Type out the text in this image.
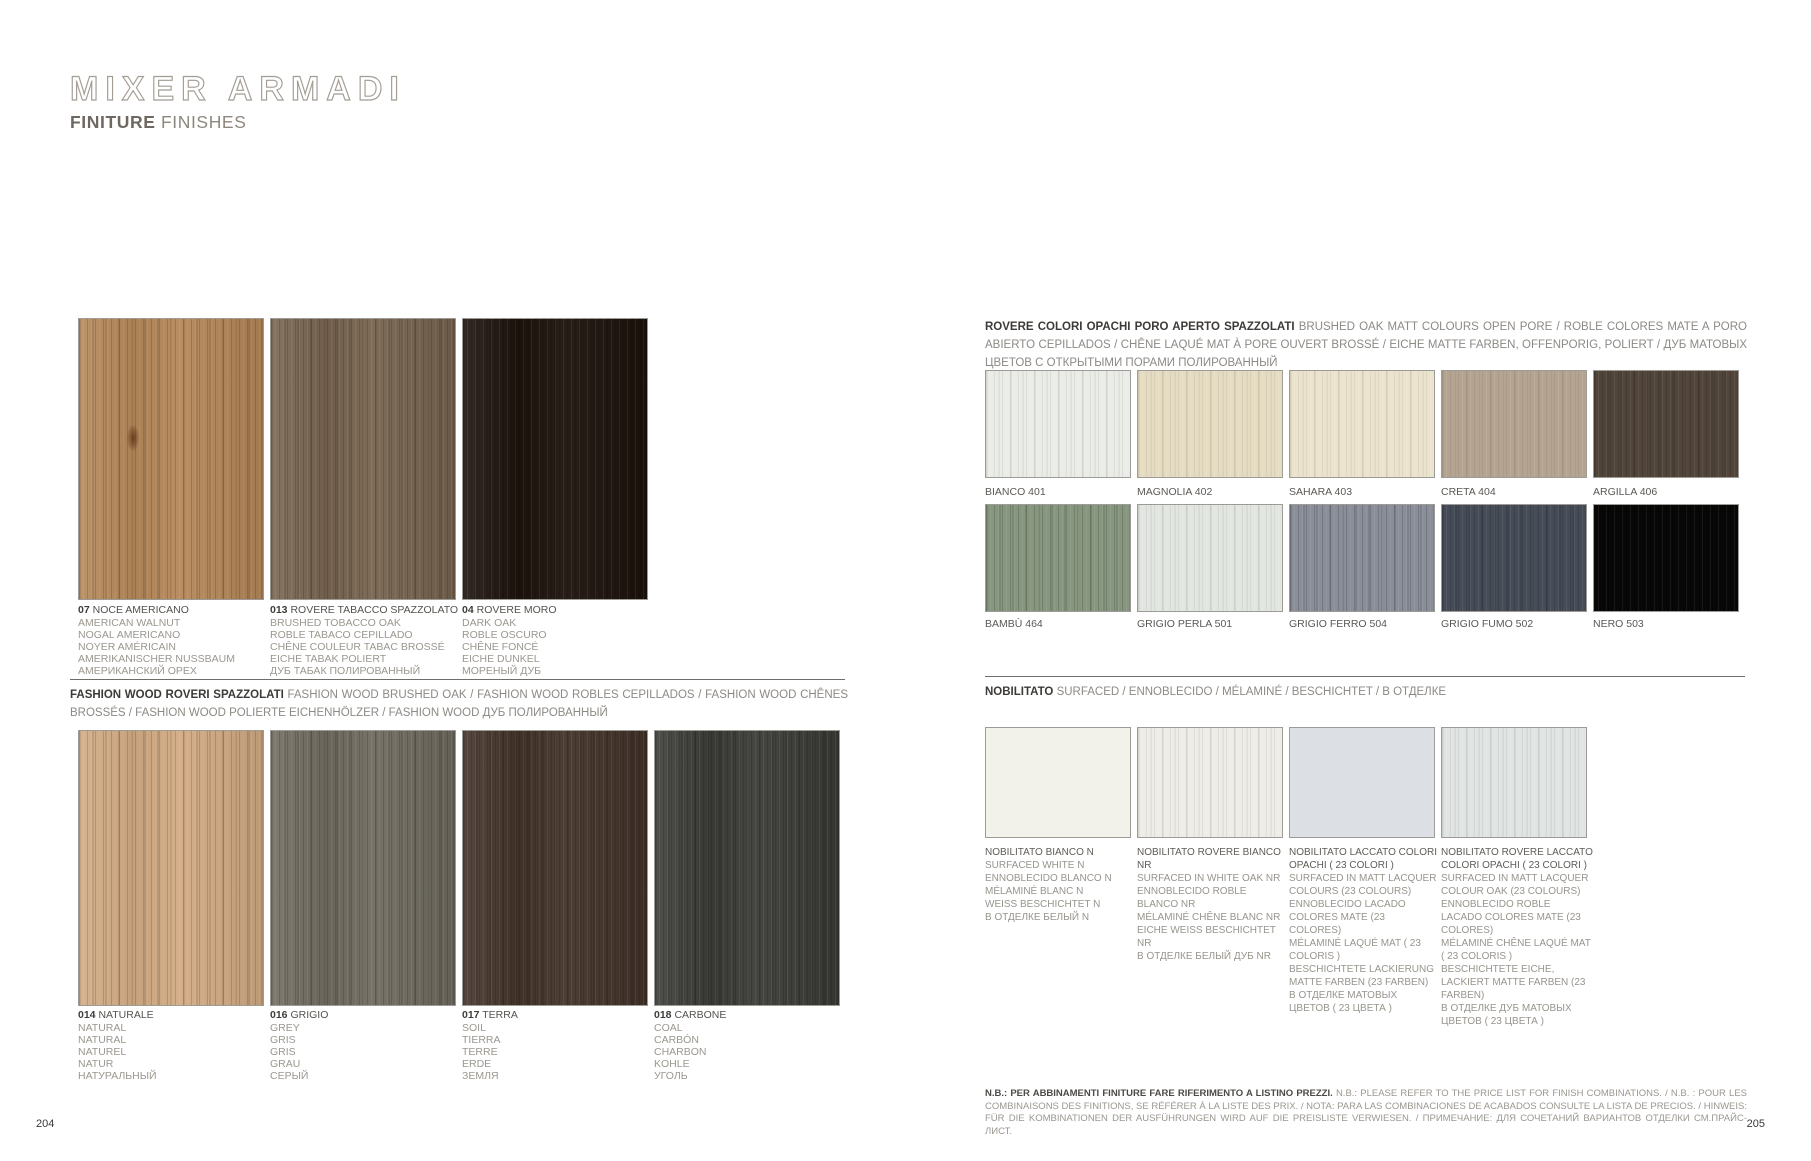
MIXER ARMADI
FINITURE FINISHES
07 NOCE AMERICANO
AMERICAN WALNUT
NOGAL AMERICANO
NOYER AMÉRICAIN
AMERIKANISCHER NUSSBAUM
АМЕРИКАНСКИЙ ОРЕХ
013 ROVERE TABACCO SPAZZOLATO
BRUSHED TOBACCO OAK
ROBLE TABACO CEPILLADO
CHÊNE COULEUR TABAC BROSSÉ
EICHE TABAK POLIERT
ДУБ ТАБАК ПОЛИРОВАННЫЙ
04 ROVERE MORO
DARK OAK
ROBLE OSCURO
CHÊNE FONCÉ
EICHE DUNKEL
МОРЕНЫЙ ДУБ
FASHION WOOD ROVERI SPAZZOLATI FASHION WOOD BRUSHED OAK / FASHION WOOD ROBLES CEPILLADOS / FASHION WOOD CHÊNES BROSSÉS / FASHION WOOD POLIERTE EICHENHÖLZER / FASHION WOOD ДУБ ПОЛИРОВАННЫЙ
014 NATURALE
NATURAL
NATURAL
NATUREL
NATUR
НАТУРАЛЬНЫЙ
016 GRIGIO
GREY
GRIS
GRIS
GRAU
СЕРЫЙ
017 TERRA
SOIL
TIERRA
TERRE
ERDE
ЗЕМЛЯ
018 CARBONE
COAL
CARBÓN
CHARBON
KOHLE
УГОЛЬ
204
ROVERE COLORI OPACHI PORO APERTO SPAZZOLATI BRUSHED OAK MATT COLOURS OPEN PORE / ROBLE COLORES MATE A PORO ABIERTO CEPILLADOS / CHÊNE LAQUÉ MAT À PORE OUVERT BROSSÉ / EICHE MATTE FARBEN, OFFENPORIG, POLIERT / ДУБ МАТОВЫХ ЦВЕТОВ С ОТКРЫТЫМИ ПОРАМИ ПОЛИРОВАННЫЙ
BIANCO 401	MAGNOLIA 402	SAHARA 403	CRETA 404	ARGILLA 406
BAMBÙ 464	GRIGIO PERLA 501	GRIGIO FERRO 504	GRIGIO FUMO 502	NERO 503
NOBILITATO SURFACED / ENNOBLECIDO / MÉLAMINÉ / BESCHICHTET / В ОТДЕЛКЕ
NOBILITATO BIANCO N
SURFACED WHITE N
ENNOBLECIDO BLANCO N
MÉLAMINÉ BLANC N
WEISS BESCHICHTET N
В ОТДЕЛКЕ БЕЛЫЙ N
NOBILITATO ROVERE BIANCO NR
SURFACED IN WHITE OAK NR
ENNOBLECIDO ROBLE BLANCO NR
MÉLAMINÉ CHÊNE BLANC NR
EICHE WEISS BESCHICHTET NR
В ОТДЕЛКЕ БЕЛЫЙ ДУБ NR
NOBILITATO LACCATO COLORI OPACHI ( 23 COLORI )
SURFACED IN MATT LACQUER COLOURS (23 COLOURS)
ENNOBLECIDO LACADO COLORES MATE (23 COLORES)
MÉLAMINÉ LAQUÉ MAT ( 23 COLORIS )
BESCHICHTETE LACKIERUNG MATTE FARBEN (23 FARBEN)
В ОТДЕЛКЕ МАТОВЫХ ЦВЕТОВ ( 23 ЦВЕТА )
NOBILITATO ROVERE LACCATO COLORI OPACHI ( 23 COLORI )
SURFACED IN MATT LACQUER COLOUR OAK (23 COLOURS)
ENNOBLECIDO ROBLE LACADO COLORES MATE (23 COLORES)
MÉLAMINÉ CHÊNE LAQUÉ MAT ( 23 COLORIS )
BESCHICHTETE EICHE, LACKIERT MATTE FARBEN (23 FARBEN)
В ОТДЕЛКЕ ДУБ МАТОВЫХ ЦВЕТОВ ( 23 ЦВЕТА )
N.B.: PER ABBINAMENTI FINITURE FARE RIFERIMENTO A LISTINO PREZZI. N.B.: PLEASE REFER TO THE PRICE LIST FOR FINISH COMBINATIONS. / N.B. : POUR LES COMBINAISONS DES FINITIONS, SE RÉFÉRER À LA LISTE DES PRIX. / NOTA: PARA LAS COMBINACIONES DE ACABADOS CONSULTE LA LISTA DE PRECIOS. / HINWEIS: FÜR DIE KOMBINATIONEN DER AUSFÜHRUNGEN WIRD AUF DIE PREISLISTE VERWIESEN. / ПРИМЕЧАНИЕ: ДЛЯ СОЧЕТАНИЙ ВАРИАНТОВ ОТДЕЛКИ СМ.ПРАЙС-ЛИСТ.
205
